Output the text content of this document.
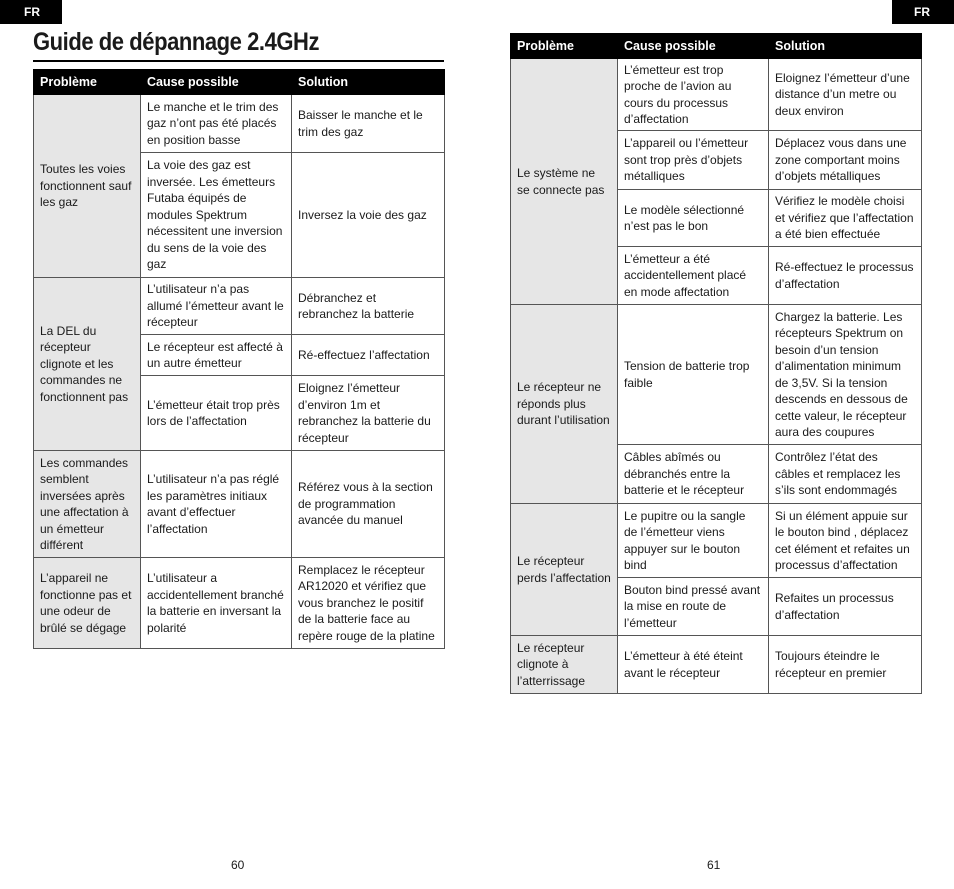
FR	FR
Guide de dépannage 2.4GHz
Problème	Cause possible	Solution
Toutes les voies fonctionnent sauf les gaz	Le manche et le trim des gaz n’ont pas été placés en position basse	Baisser le manche et le trim des gaz
	La voie des gaz est inversée. Les émetteurs Futaba équipés de modules Spektrum nécessitent une inversion du sens de la voie des gaz	Inversez la voie des gaz
La DEL du récepteur clignote et les commandes ne fonctionnent pas	L’utilisateur n’a pas allumé l’émetteur avant le récepteur	Débranchez et rebranchez la batterie
	Le récepteur est affecté à un autre émetteur	Ré-effectuez l’affectation
	L’émetteur était trop près lors de l’affectation	Eloignez l’émetteur d’environ 1m et rebranchez la batterie du récepteur
Les commandes semblent inversées après une affectation à un émetteur différent	L’utilisateur n’a pas réglé les paramètres initiaux avant d’effectuer l’affectation	Référez vous à la section de programmation avancée du manuel
L’appareil ne fonctionne pas et une odeur de brûlé se dégage	L’utilisateur a accidentellement branché la batterie en inversant la polarité	Remplacez le récepteur AR12020 et vérifiez que vous branchez le positif de la batterie face au repère rouge de la platine
Problème	Cause possible	Solution
Le système ne se connecte pas	L’émetteur est trop proche de l’avion au cours du processus d’affectation	Eloignez l’émetteur d’une distance d’un metre ou deux environ
	L’appareil ou l’émetteur sont trop près d’objets métalliques	Déplacez vous dans une zone comportant moins d’objets métalliques
	Le modèle sélectionné n’est pas le bon	Vérifiez le modèle choisi et vérifiez que l’affectation a été bien effectuée
	L’émetteur a été accidentellement placé en mode affectation	Ré-effectuez le processus d’affectation
Le récepteur ne réponds plus durant l’utilisation	Tension de batterie trop faible	Chargez la batterie. Les récepteurs Spektrum on besoin d’un tension d’alimentation minimum de 3,5V. Si la tension descends en dessous de cette valeur, le récepteur aura des coupures
	Câbles abîmés ou débranchés entre la batterie et le récepteur	Contrôlez l’état des câbles et remplacez les s’ils sont endommagés
Le récepteur perds l’affectation	Le pupitre ou la sangle de l’émetteur viens appuyer sur le bouton bind	Si un élément appuie sur le bouton bind , déplacez cet élément et refaites un processus d’affectation
	Bouton bind pressé avant la mise en route de l’émetteur	Refaites un processus d’affectation
Le récepteur clignote à l’atterrissage	L’émetteur à été éteint avant le récepteur	Toujours éteindre le récepteur en premier
60	61
